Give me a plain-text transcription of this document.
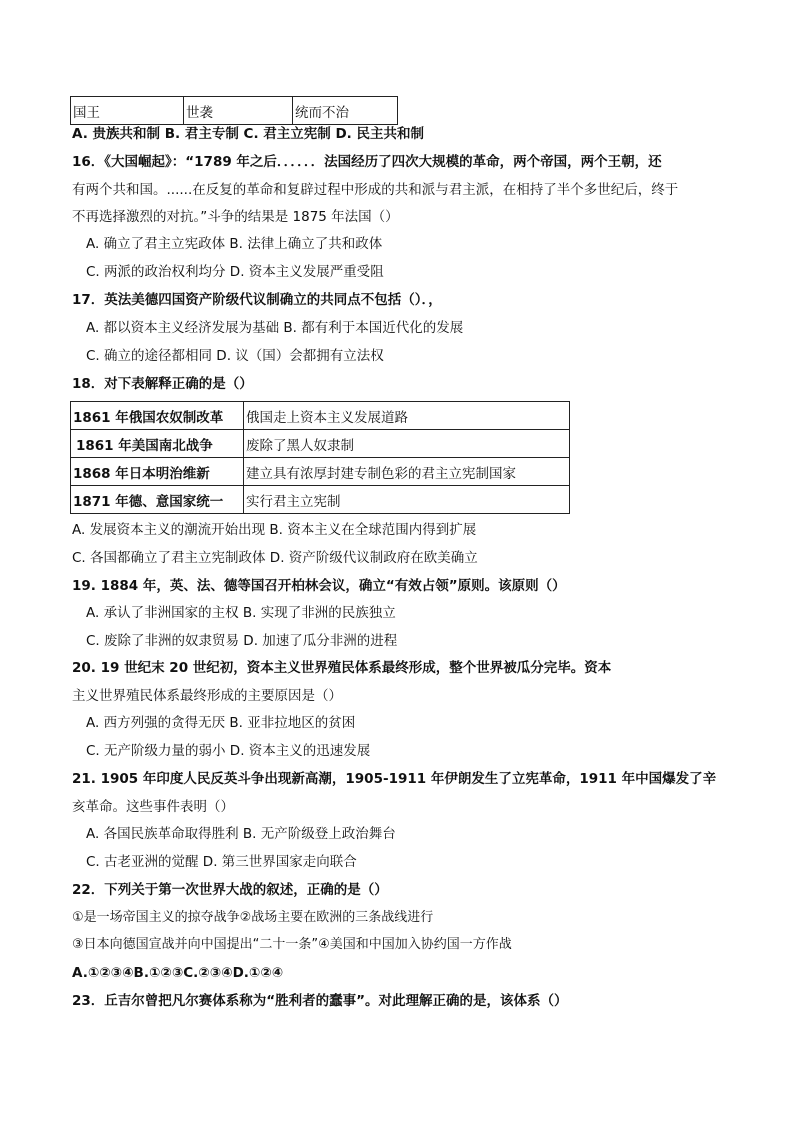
国王	世袭	统而不治
A. 贵族共和制 B. 君主专制 C. 君主立宪制 D. 民主共和制
16．《大国崛起》：“1789 年之后．．．．．．法国经历了四次大规模的革命，两个帝国，两个王朝，还
有两个共和国。......在反复的革命和复辟过程中形成的共和派与君主派，在相持了半个多世纪后，终于
不再选择激烈的对抗。”斗争的结果是 1875 年法国（）
A. 确立了君主立宪政体 B. 法律上确立了共和政体
C. 两派的政治权利均分 D. 资本主义发展严重受阻
17．英法美德四国资产阶级代议制确立的共同点不包括（）．，
A. 都以资本主义经济发展为基础 B. 都有利于本国近代化的发展
C. 确立的途径都相同 D. 议（国）会都拥有立法权
18．对下表解释正确的是（）
1861 年俄国农奴制改革	俄国走上资本主义发展道路
1861 年美国南北战争	废除了黑人奴隶制
1868 年日本明治维新	建立具有浓厚封建专制色彩的君主立宪制国家
1871 年德、意国家统一	实行君主立宪制
A. 发展资本主义的潮流开始出现 B. 资本主义在全球范围内得到扩展
C. 各国都确立了君主立宪制政体 D. 资产阶级代议制政府在欧美确立
19. 1884 年，英、法、德等国召开柏林会议，确立“有效占领”原则。该原则（）
A. 承认了非洲国家的主权 B. 实现了非洲的民族独立
C. 废除了非洲的奴隶贸易 D. 加速了瓜分非洲的进程
20. 19 世纪末 20 世纪初，资本主义世界殖民体系最终形成，整个世界被瓜分完毕。资本
主义世界殖民体系最终形成的主要原因是（）
A. 西方列强的贪得无厌 B. 亚非拉地区的贫困
C. 无产阶级力量的弱小 D. 资本主义的迅速发展
21. 1905 年印度人民反英斗争出现新高潮，1905-1911 年伊朗发生了立宪革命，1911 年中国爆发了辛
亥革命。这些事件表明（）
A. 各国民族革命取得胜利 B. 无产阶级登上政治舞台
C. 古老亚洲的觉醒 D. 第三世界国家走向联合
22．下列关于第一次世界大战的叙述，正确的是（）
①是一场帝国主义的掠夺战争②战场主要在欧洲的三条战线进行
③日本向德国宣战并向中国提出“二十一条”④美国和中国加入协约国一方作战
A.①②③④B.①②③C.②③④D.①②④
23．丘吉尔曾把凡尔赛体系称为“胜利者的蠢事”。对此理解正确的是，该体系（）
